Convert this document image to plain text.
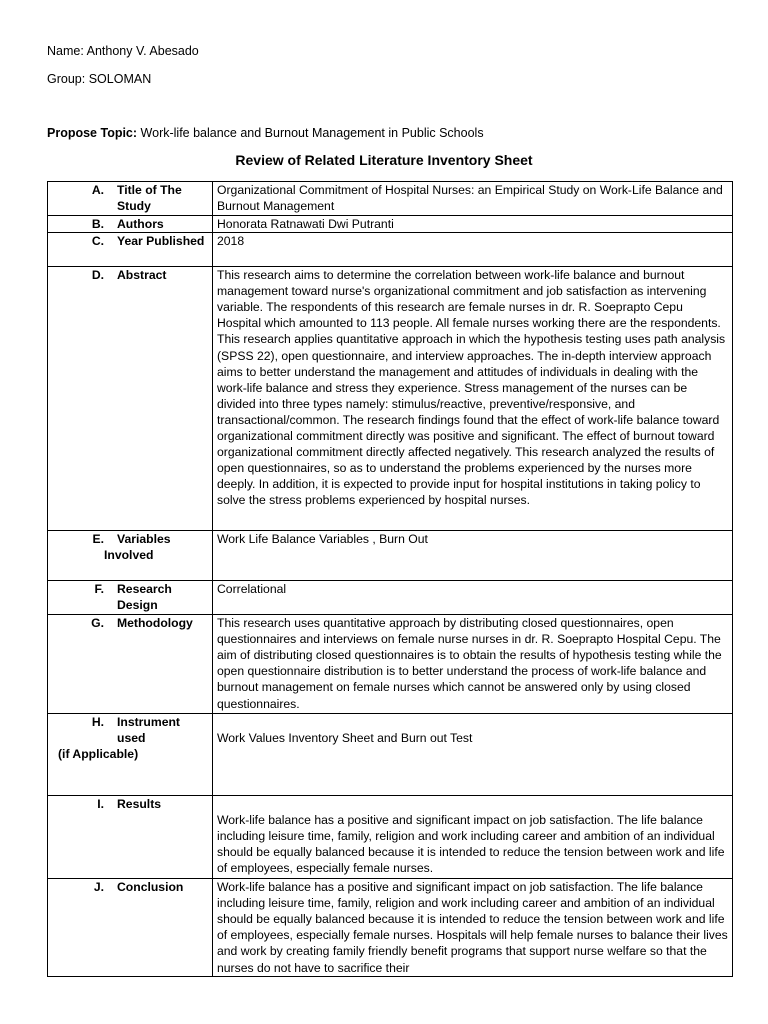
Name: Anthony V. Abesado
Group: SOLOMAN
Propose Topic: Work-life balance and Burnout Management in Public Schools
Review of Related Literature Inventory Sheet
A. Title of The Study	Organizational Commitment of Hospital Nurses: an Empirical Study on Work-Life Balance and Burnout Management

B. Authors	Honorata Ratnawati Dwi Putranti

C. Year Published	2018

D. Abstract	This research aims to determine the correlation between work-life balance and burnout management toward nurse's organizational commitment and job satisfaction as intervening variable. The respondents of this research are female nurses in dr. R. Soeprapto Cepu Hospital which amounted to 113 people. All female nurses working there are the respondents. This research applies quantitative approach in which the hypothesis testing uses path analysis (SPSS 22), open questionnaire, and interview approaches. The in-depth interview approach aims to better understand the management and attitudes of individuals in dealing with the work-life balance and stress they experience. Stress management of the nurses can be divided into three types namely: stimulus/reactive, preventive/responsive, and transactional/common. The research findings found that the effect of work-life balance toward organizational commitment directly was positive and significant. The effect of burnout toward organizational commitment directly affected negatively. This research analyzed the results of open questionnaires, so as to understand the problems experienced by the nurses more deeply. In addition, it is expected to provide input for hospital institutions in taking policy to solve the stress problems experienced by hospital nurses.

E. Variables
Involved	Work Life Balance Variables , Burn Out

F. Research Design	Correlational

G. Methodology	This research uses quantitative approach by distributing closed questionnaires, open questionnaires and interviews on female nurse nurses in dr. R. Soeprapto Hospital Cepu. The aim of distributing closed questionnaires is to obtain the results of hypothesis testing while the open questionnaire distribution is to better understand the process of work-life balance and burnout management on female nurses which cannot be answered only by using closed questionnaires.

H. Instrument used
(if Applicable)	Work Values Inventory Sheet and Burn out Test

I. Results	Work-life balance has a positive and significant impact on job satisfaction. The life balance including leisure time, family, religion and work including career and ambition of an individual should be equally balanced because it is intended to reduce the tension between work and life of employees, especially female nurses.

J. Conclusion	Work-life balance has a positive and significant impact on job satisfaction. The life balance including leisure time, family, religion and work including career and ambition of an individual should be equally balanced because it is intended to reduce the tension between work and life of employees, especially female nurses. Hospitals will help female nurses to balance their lives and work by creating family friendly benefit programs that support nurse welfare so that the nurses do not have to sacrifice their
